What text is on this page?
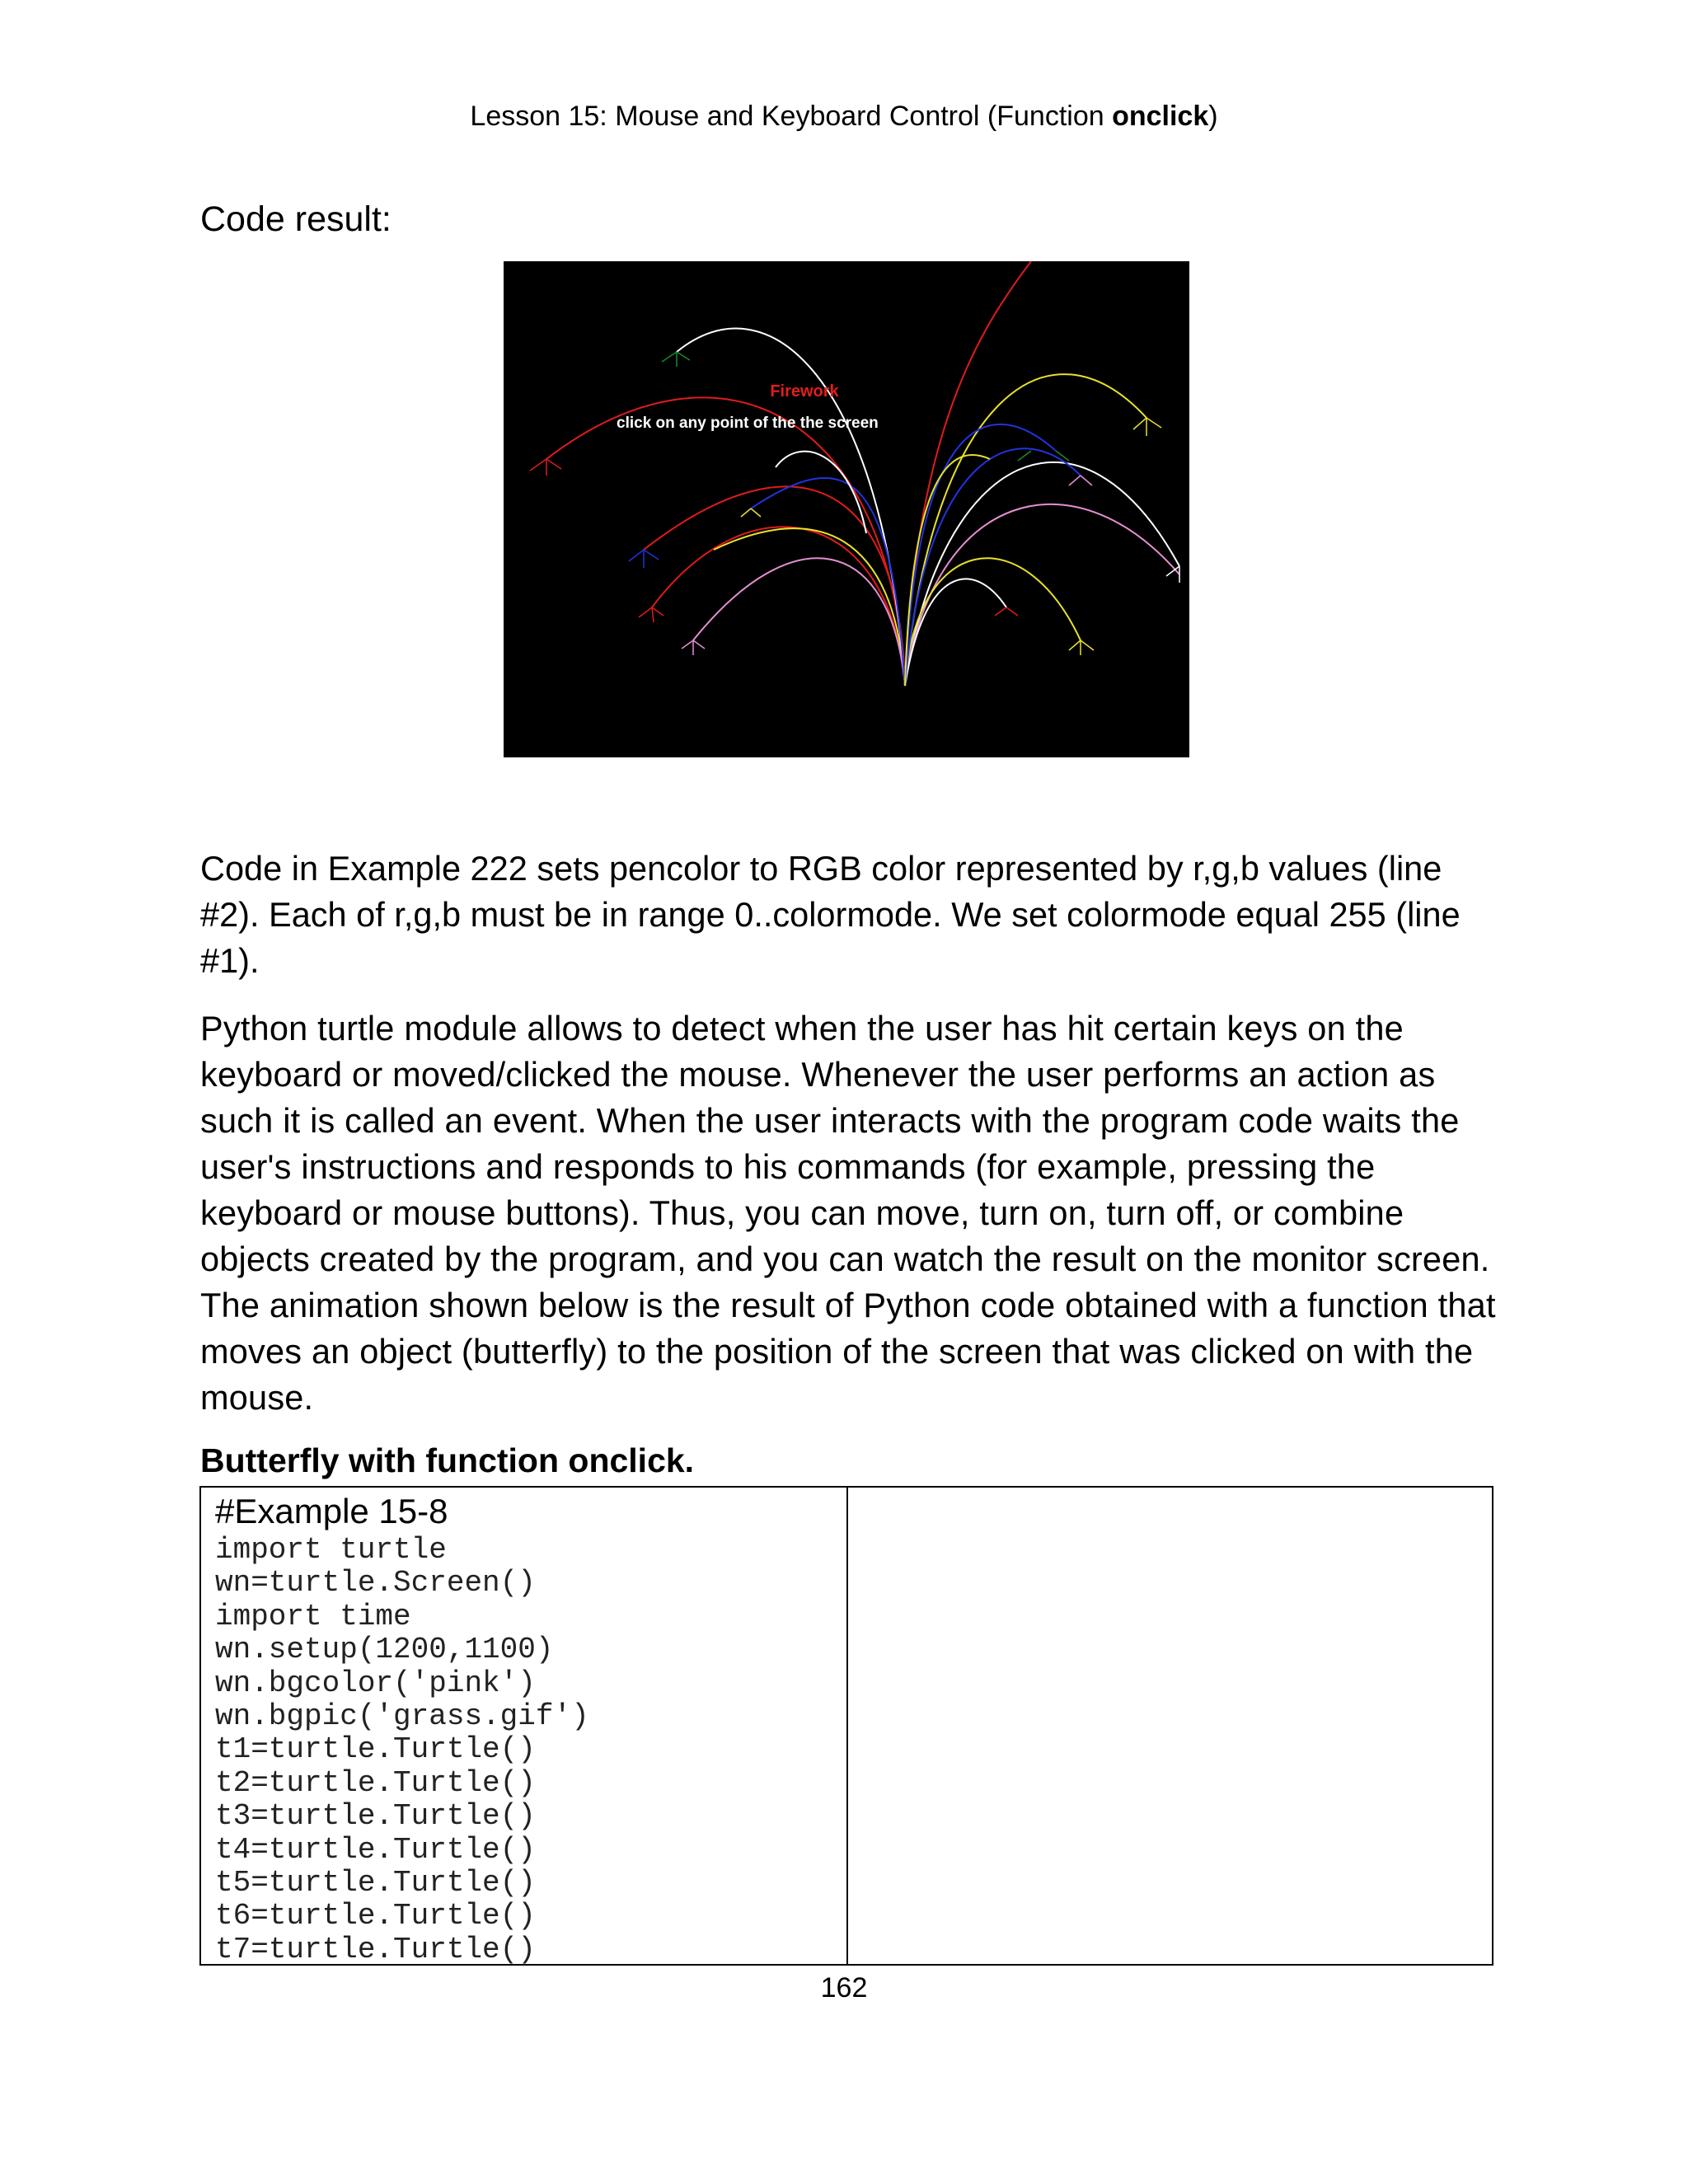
Lesson 15: Mouse and Keyboard Control (Function onclick)
Code result:
Firework
click on any point of the the screen

Code in Example 222 sets pencolor to RGB color represented by r,g,b values (line #2). Each of r,g,b must be in range 0..colormode. We set colormode equal 255 (line #1).

Python turtle module allows to detect when the user has hit certain keys on the keyboard or moved/clicked the mouse. Whenever the user performs an action as such it is called an event. When the user interacts with the program code waits the user's instructions and responds to his commands (for example, pressing the keyboard or mouse buttons). Thus, you can move, turn on, turn off, or combine objects created by the program, and you can watch the result on the monitor screen. The animation shown below is the result of Python code obtained with a function that moves an object (butterfly) to the position of the screen that was clicked on with the mouse.

Butterfly with function onclick.
#Example 15-8
import turtle
wn=turtle.Screen()
import time
wn.setup(1200,1100)
wn.bgcolor('pink')
wn.bgpic('grass.gif')
t1=turtle.Turtle()
t2=turtle.Turtle()
t3=turtle.Turtle()
t4=turtle.Turtle()
t5=turtle.Turtle()
t6=turtle.Turtle()
t7=turtle.Turtle()
162
